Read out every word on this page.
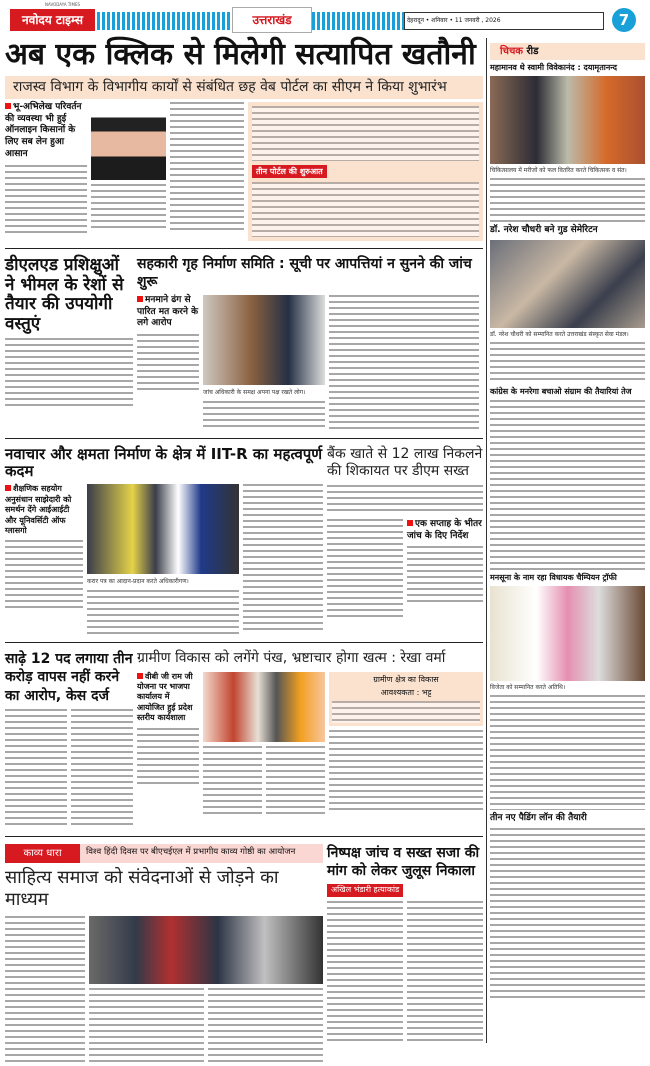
NAVODAYA TIMES
नवोदय टाइम्स	उत्तराखंड	देहरादून • शनिवार • 11 जनवरी , 2026	7
अब एक क्लिक से मिलेगी सत्यापित खतौनी
राजस्व विभाग के विभागीय कार्यों से संबंधित छह वेब पोर्टल का सीएम ने किया शुभारंभ
भू-अभिलेख परिवर्तन की व्यवस्था भी हुई ऑनलाइन किसानों के लिए सब लेन हुआ आसान
तीन पोर्टल की शुरुआत
डीएलएड प्रशिक्षुओं ने भीमल के रेशों से तैयार की उपयोगी वस्तुएं
सहकारी गृह निर्माण समिति : सूची पर आपत्तियां न सुनने की जांच शुरू
मनमाने ढंग से पारित मत करने के लगे आरोप
जांच अधिकारी के समक्ष अपना पक्ष रखते लोग।
नवाचार और क्षमता निर्माण के क्षेत्र में IIT-R का महत्वपूर्ण कदम
शैक्षणिक सहयोग अनुसंधान साझेदारी को समर्थन देंगे आईआईटी और यूनिवर्सिटी ऑफ ग्लासगो
करार पत्र का आदान-प्रदान करते अधिकारीगण।
बैंक खाते से 12 लाख निकलने की शिकायत पर डीएम सख्त
एक सप्ताह के भीतर जांच के दिए निर्देश
साढ़े 12 पद लगाया तीन करोड़ वापस नहीं करने का आरोप, केस दर्ज
ग्रामीण विकास को लगेंगे पंख, भ्रष्टाचार होगा खत्म : रेखा वर्मा
वीबी जी राम जी योजना पर भाजपा कार्यालय में आयोजित हुई प्रदेश स्तरीय कार्यशाला
ग्रामीण क्षेत्र का विकास
आवश्यकता : भट्ट
काव्य धारा	विश्व हिंदी दिवस पर बीएचईएल में प्रभागीय काव्य गोष्ठी का आयोजन
साहित्य समाज को संवेदनाओं से जोड़ने का माध्यम
निष्पक्ष जांच व सख्त सजा की मांग को लेकर जुलूस निकाला
अखिल भंडारी हत्याकांड
चिचक रीड
महामानव थे स्वामी विवेकानंद : दयामृतानन्द
चिकित्सालय में मरीजों को फल वितरित करते चिकित्सक व संत।
डॉ. नरेश चौधरी बने गुड सेमेरिटन
डॉ. नरेश चौधरी को सम्मानित करते उत्तराखंड संस्कृत सेवा मंडल।
कांग्रेस के मनरेगा बचाओ संग्राम की तैयारियां तेज
मनसूना के नाम रहा विधायक चैम्पियन ट्रॉफी
विजेता को सम्मानित करते अतिथि।
तीन नए पैडिंग लॉन की तैयारी
